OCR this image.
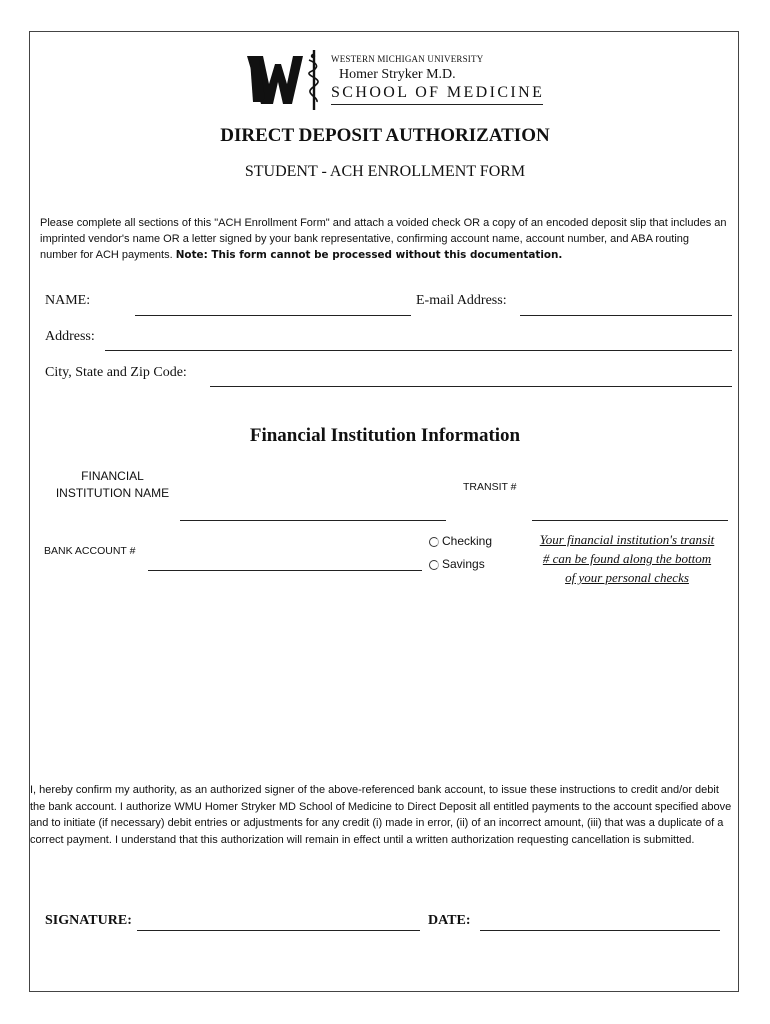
WESTERN MICHIGAN UNIVERSITY
Homer Stryker M.D.
SCHOOL OF MEDICINE
DIRECT DEPOSIT AUTHORIZATION
STUDENT - ACH ENROLLMENT FORM
Please complete all sections of this "ACH Enrollment Form" and attach a voided check OR a copy of an encoded deposit slip that includes an imprinted vendor's name OR a letter signed by your bank representative, confirming account name, account number, and ABA routing number for ACH payments. Note: This form cannot be processed without this documentation.
NAME:	E-mail Address:
Address:
City, State and Zip Code:
Financial Institution Information
FINANCIAL
INSTITUTION NAME	TRANSIT #
BANK ACCOUNT #
Checking
Savings
Your financial institution's transit
# can be found along the bottom
of your personal checks
I, hereby confirm my authority, as an authorized signer of the above-referenced bank account, to issue these instructions to credit and/or debit the bank account. I authorize WMU Homer Stryker MD School of Medicine to Direct Deposit all entitled payments to the account specified above and to initiate (if necessary) debit entries or adjustments for any credit (i) made in error, (ii) of an incorrect amount, (iii) that was a duplicate of a correct payment. I understand that this authorization will remain in effect until a written authorization requesting cancellation is submitted.
SIGNATURE:	DATE:
